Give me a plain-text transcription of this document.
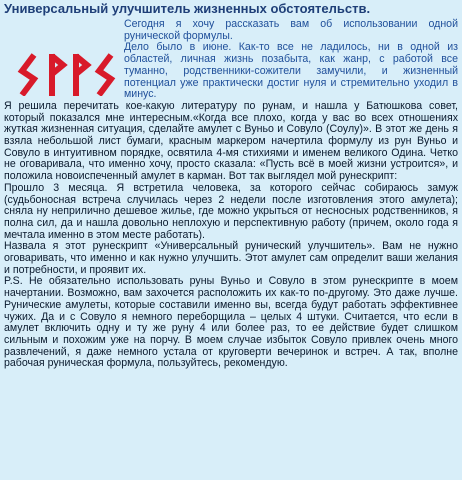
Универсальный улучшитель жизненных обстоятельств.

Сегодня я хочу рассказать вам об использовании одной рунической формулы.

Дело было в июне. Как-то все не ладилось, ни в одной из областей, личная жизнь позабыта, как жанр, с работой все туманно, родственники-сожители замучили, и жизненный потенциал уже практически достиг нуля и стремительно уходил в минус.

Я решила перечитать кое-какую литературу по рунам, и нашла у Батюшкова совет, который показался мне интересным.«Когда все плохо, когда у вас во всех отношениях жуткая жизненная ситуация, сделайте амулет с Вуньо и Совуло (Соулу)». В этот же день я взяла небольшой лист бумаги, красным маркером начертила формулу из рун Вуньо и Совуло в интуитивном порядке, освятила 4-мя стихиями и именем великого Одина. Четко не оговаривала, что именно хочу, просто сказала: «Пусть всё в моей жизни устроится», и положила новоиспеченный амулет в карман. Вот так выглядел мой рунескрипт:

Прошло 3 месяца. Я встретила человека, за которого сейчас собираюсь замуж (судьбоносная встреча случилась через 2 недели после изготовления этого амулета); сняла ну неприлично дешевое жилье, где можно укрыться от несносных родственников, я полна сил, да и нашла довольно неплохую и перспективную работу (причем, около года я мечтала именно в этом месте работать).

Назвала я этот рунескрипт «Универсальный рунический улучшитель». Вам не нужно оговаривать, что именно и как нужно улучшить. Этот амулет сам определит ваши желания и потребности, и проявит их.

P.S. Не обязательно использовать руны Вуньо и Совуло в этом рунескрипте в моем начертании. Возможно, вам захочется расположить их как-то по-другому. Это даже лучше. Рунические амулеты, которые составили именно вы, всегда будут работать эффективнее чужих. Да и с Совуло я немного переборщила – целых 4 штуки. Считается, что если в амулет включить одну и ту же руну 4 или более раз, то ее действие будет слишком сильным и похожим уже на порчу. В моем случае избыток Совуло привлек очень много развлечений, я даже немного устала от круговерти вечеринок и встреч. А так, вполне рабочая руническая формула, пользуйтесь, рекомендую.
